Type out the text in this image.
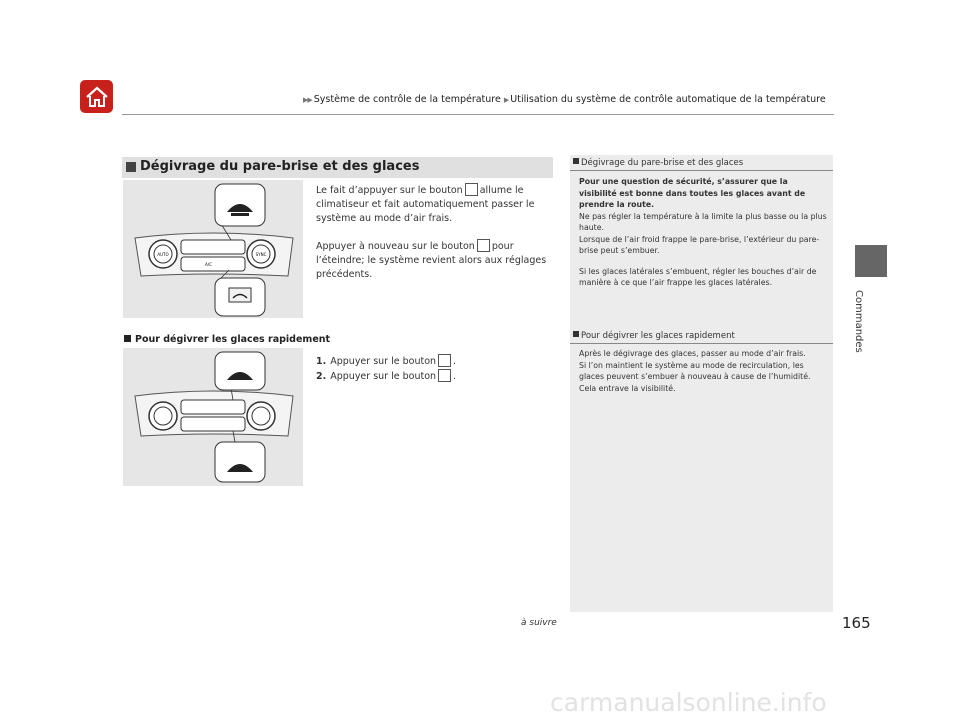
▶▶ Système de contrôle de la température ▶ Utilisation du système de contrôle automatique de la température
Commandes
Dégivrage du pare-brise et des glaces
AUTO	SYNC
A/C
Le fait d’appuyer sur le bouton allume le
climatiseur et fait automatiquement passer le
système au mode d’air frais.
Appuyer à nouveau sur le bouton pour
l’éteindre; le système revient alors aux réglages
précédents.
Pour dégivrer les glaces rapidement
1. Appuyer sur le bouton .
2. Appuyer sur le bouton .
Dégivrage du pare-brise et des glaces

Pour une question de sécurité, s’assurer que la visibilité est bonne dans toutes les glaces avant de prendre la route.

Ne pas régler la température à la limite la plus basse ou la plus haute.

Lorsque de l’air froid frappe le pare-brise, l’extérieur du pare-brise peut s’embuer.

Si les glaces latérales s’embuent, régler les bouches d’air de manière à ce que l’air frappe les glaces latérales.

Pour dégivrer les glaces rapidement

Après le dégivrage des glaces, passer au mode d’air frais.

Si l’on maintient le système au mode de recirculation, les glaces peuvent s’embuer à nouveau à cause de l’humidité.

Cela entrave la visibilité.

à suivre	165
carmanualsonline.info
